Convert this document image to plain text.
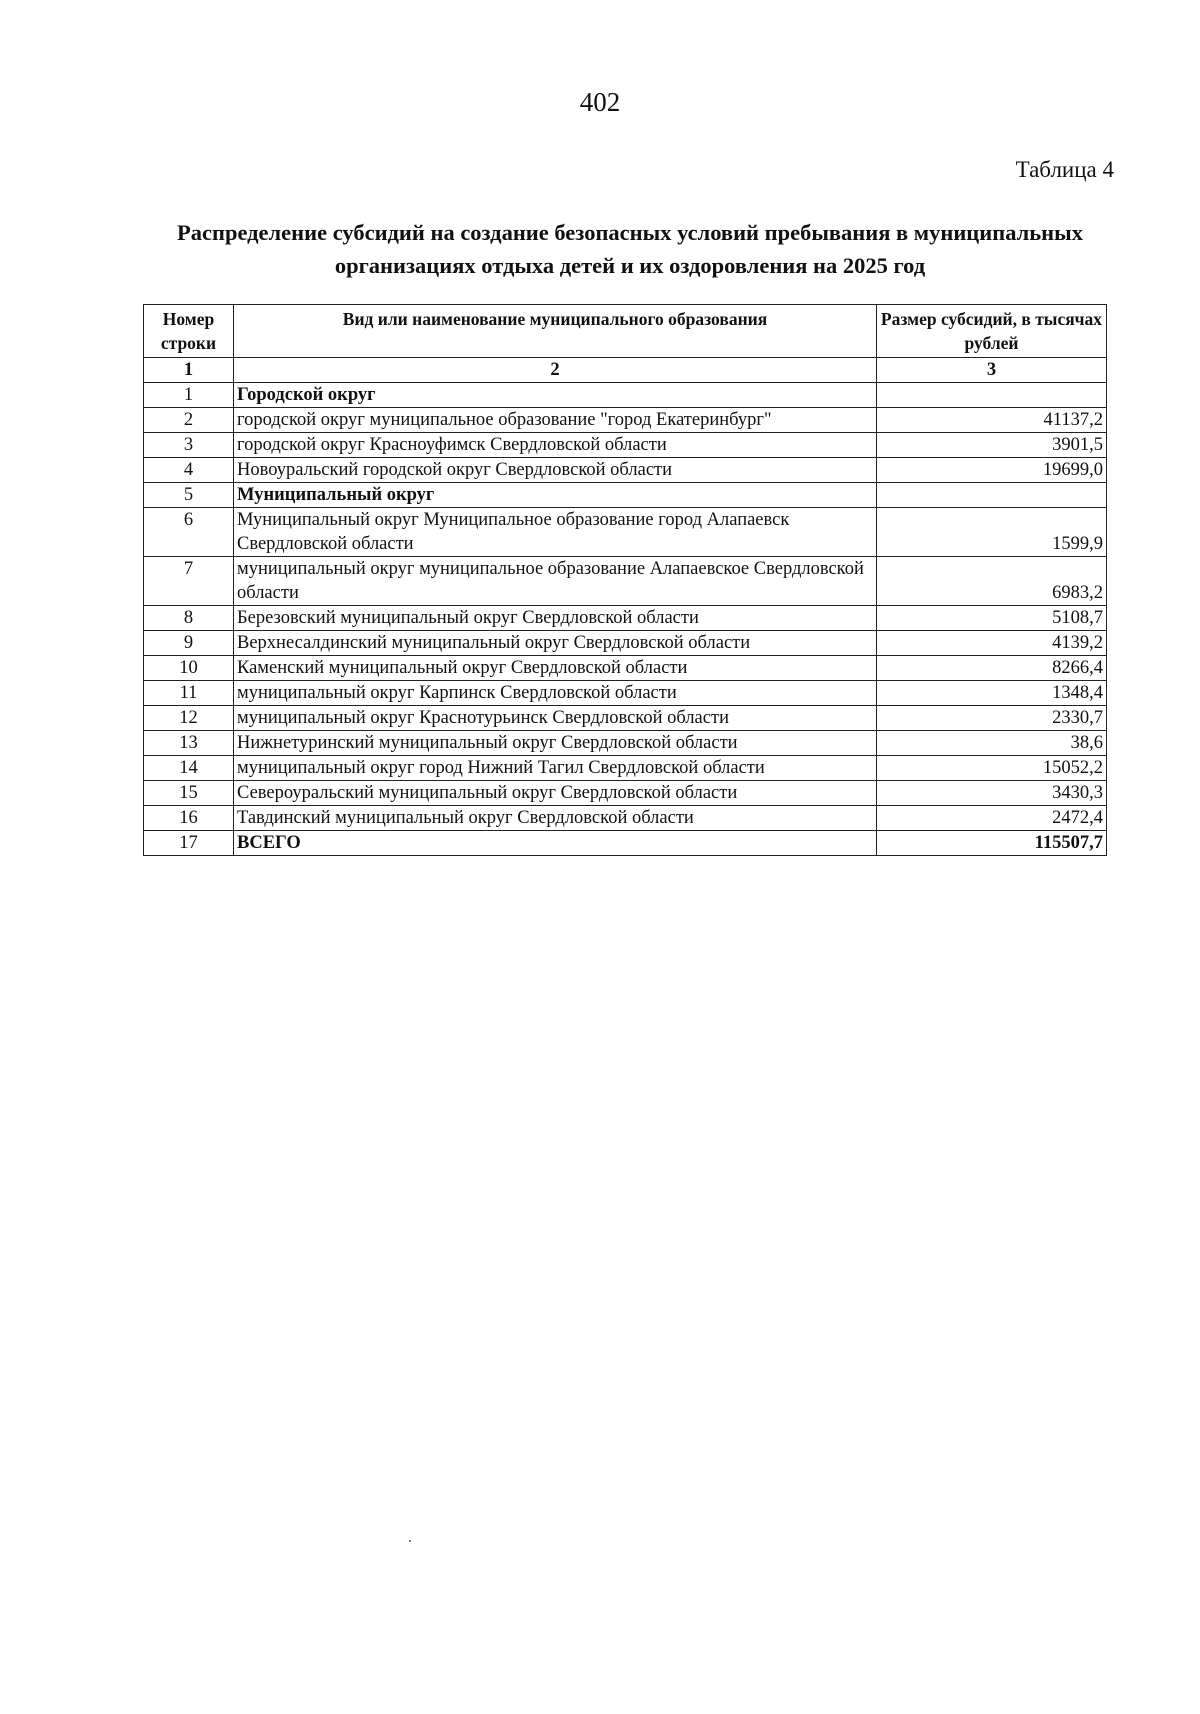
402
Таблица 4
Распределение субсидий на создание безопасных условий пребывания в муниципальных организациях отдыха детей и их оздоровления на 2025 год
Номер строки	Вид или наименование муниципального образования	Размер субсидий, в тысячах рублей
1	2	3
1	Городской округ	
2	городской округ муниципальное образование "город Екатеринбург"	41137,2
3	городской округ Красноуфимск Свердловской области	3901,5
4	Новоуральский городской округ Свердловской области	19699,0
5	Муниципальный округ	
6	Муниципальный округ Муниципальное образование город Алапаевск Свердловской области	1599,9
7	муниципальный округ муниципальное образование Алапаевское Свердловской области	6983,2
8	Березовский муниципальный округ Свердловской области	5108,7
9	Верхнесалдинский муниципальный округ Свердловской области	4139,2
10	Каменский муниципальный округ Свердловской области	8266,4
11	муниципальный округ Карпинск Свердловской области	1348,4
12	муниципальный округ Краснотурьинск Свердловской области	2330,7
13	Нижнетуринский муниципальный округ Свердловской области	38,6
14	муниципальный округ город Нижний Тагил Свердловской области	15052,2
15	Североуральский муниципальный округ Свердловской области	3430,3
16	Тавдинский муниципальный округ Свердловской области	2472,4
17	ВСЕГО	115507,7
